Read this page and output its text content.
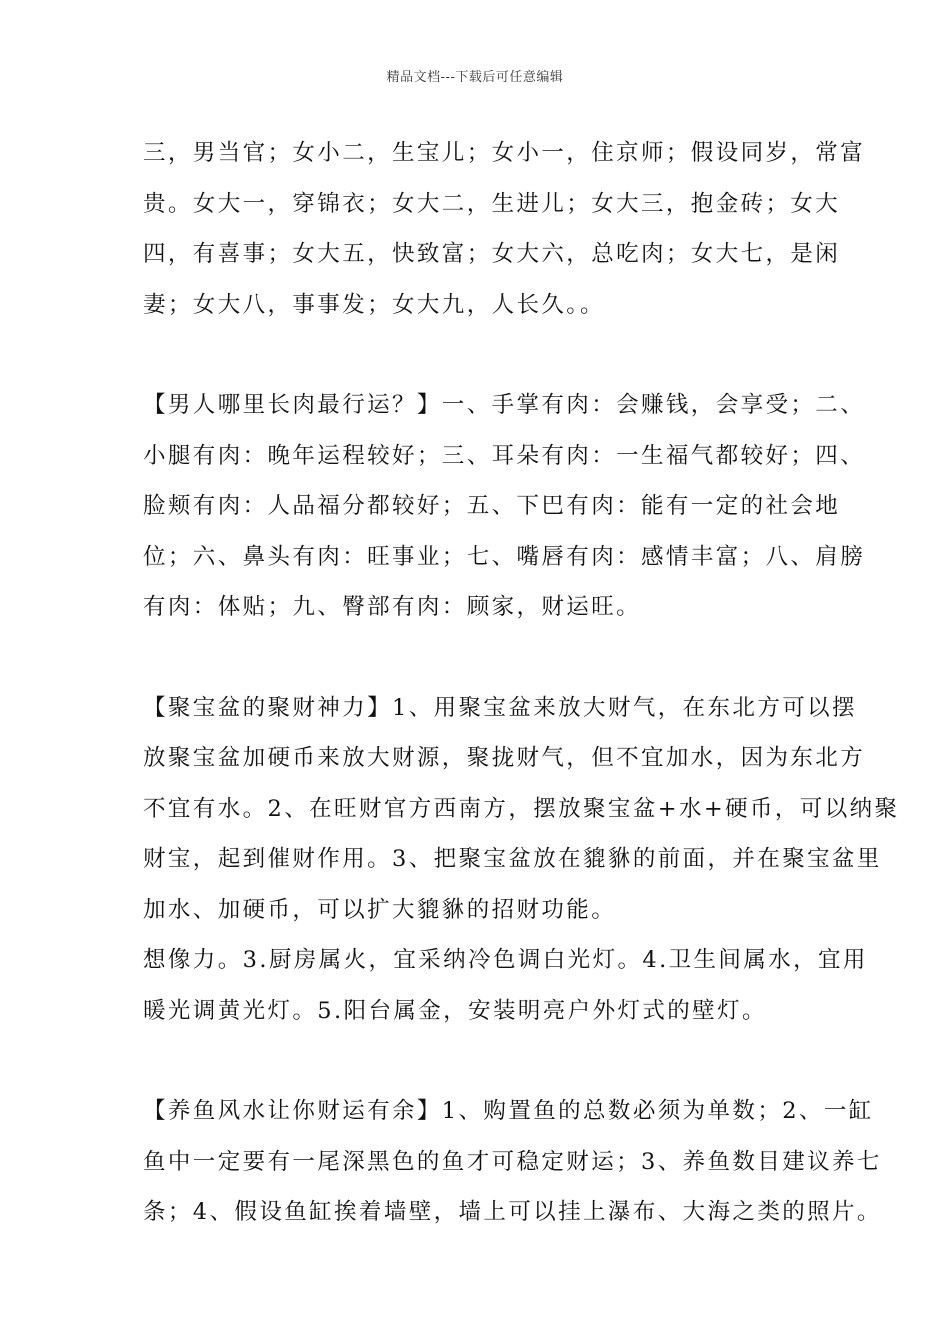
精品文档---下载后可任意编辑
三，男当官；女小二，生宝儿；女小一，住京师；假设同岁，常富
贵。女大一，穿锦衣；女大二，生进儿；女大三，抱金砖；女大
四，有喜事；女大五，快致富；女大六，总吃肉；女大七，是闲
妻；女大八，事事发；女大九，人长久。。
【男人哪里长肉最行运？】一、手掌有肉：会赚钱，会享受；二、
小腿有肉：晚年运程较好；三、耳朵有肉：一生福气都较好；四、
脸颊有肉：人品福分都较好；五、下巴有肉：能有一定的社会地
位；六、鼻头有肉：旺事业；七、嘴唇有肉：感情丰富；八、肩膀
有肉：体贴；九、臀部有肉：顾家，财运旺。
【聚宝盆的聚财神力】1、用聚宝盆来放大财气，在东北方可以摆
放聚宝盆加硬币来放大财源，聚拢财气，但不宜加水，因为东北方
不宜有水。2、在旺财官方西南方，摆放聚宝盆+水+硬币，可以纳聚
财宝，起到催财作用。3、把聚宝盆放在貔貅的前面，并在聚宝盆里
加水、加硬币，可以扩大貔貅的招财功能。
想像力。3.厨房属火，宜采纳冷色调白光灯。4.卫生间属水，宜用
暖光调黄光灯。5.阳台属金，安装明亮户外灯式的壁灯。
【养鱼风水让你财运有余】1、购置鱼的总数必须为单数；2、一缸
鱼中一定要有一尾深黑色的鱼才可稳定财运；3、养鱼数目建议养七
条；4、假设鱼缸挨着墙壁，墙上可以挂上瀑布、大海之类的照片。
